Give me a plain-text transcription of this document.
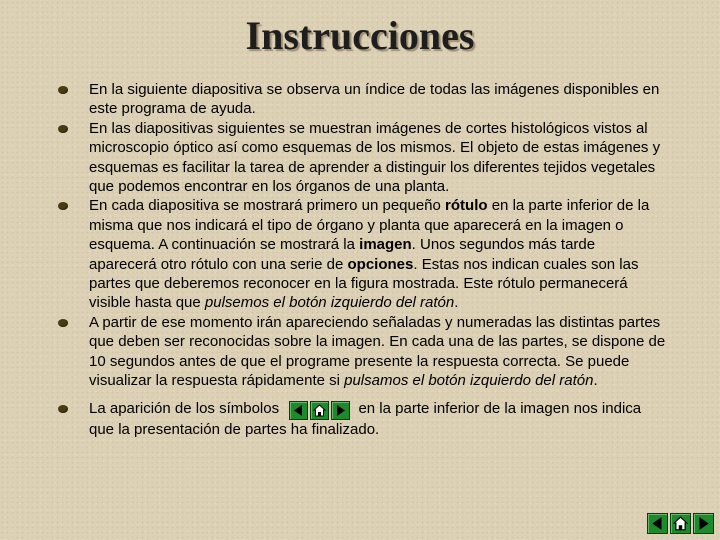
Instrucciones
En la siguiente diapositiva se observa un índice de todas las imágenes disponibles en este programa de ayuda.
En las diapositivas siguientes se muestran imágenes de cortes histológicos vistos al microscopio óptico así como esquemas de los mismos. El objeto de estas imágenes y esquemas es facilitar la tarea de aprender a distinguir los diferentes tejidos vegetales que podemos encontrar en los órganos de una planta.
En cada diapositiva se mostrará primero un pequeño rótulo en la parte inferior de la misma que nos indicará el tipo de órgano y planta que aparecerá en la imagen o esquema. A continuación se mostrará la imagen. Unos segundos más tarde aparecerá otro rótulo con una serie de opciones. Estas nos indican cuales son las partes que deberemos reconocer en la figura mostrada. Este rótulo permanecerá visible hasta que pulsemos el botón izquierdo del ratón.
A partir de ese momento irán apareciendo señaladas y numeradas las distintas partes que deben ser reconocidas sobre la imagen. En cada una de las partes, se dispone de 10 segundos antes de que el programe presente la respuesta correcta. Se puede visualizar la respuesta rápidamente si pulsamos el botón izquierdo del ratón.
La aparición de los símbolos	en la parte inferior de la imagen nos indica que la presentación de partes ha finalizado.
